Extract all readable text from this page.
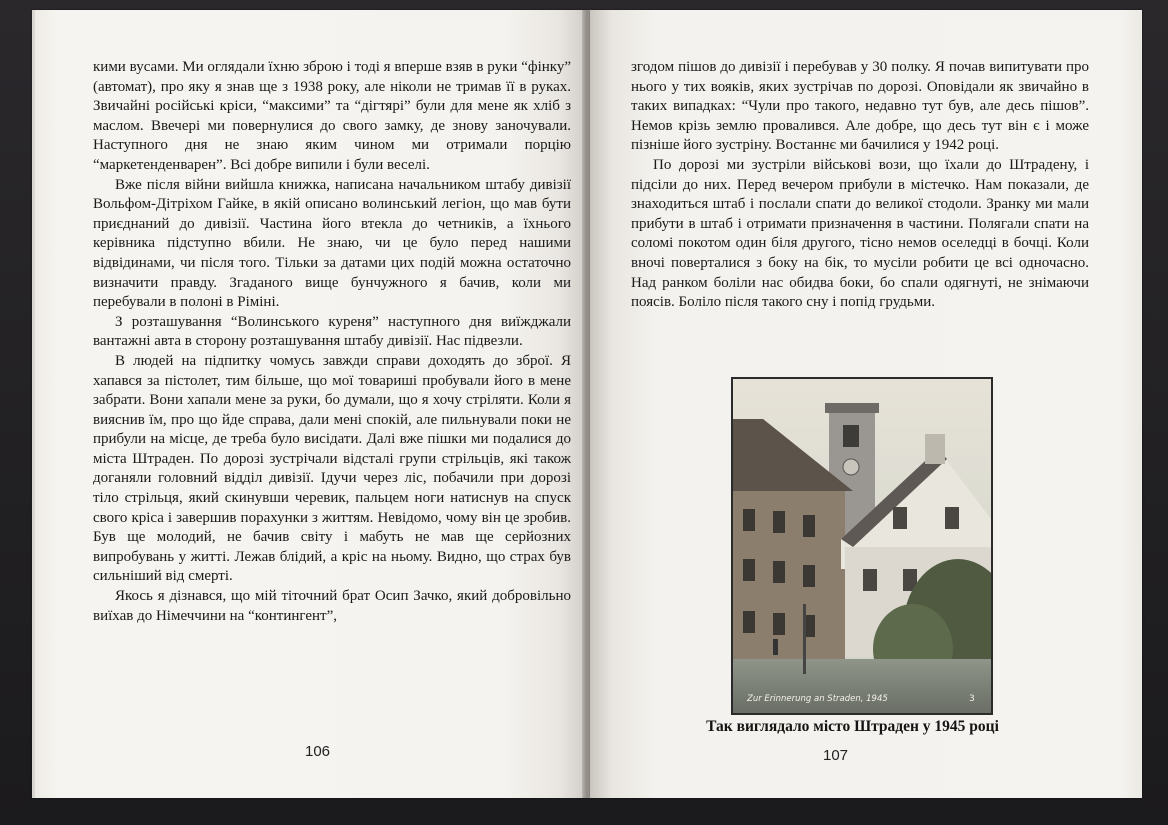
кими вусами. Ми оглядали їхню зброю і тоді я вперше взяв в руки “фінку” (автомат), про яку я знав ще з 1938 року, але ніколи не тримав її в руках. Звичайні російські кріси, “максими” та “дігтярі” були для мене як хліб з маслом. Ввечері ми повернулися до свого замку, де знову заночували. Наступного дня не знаю яким чином ми отримали порцію “маркетенденварен”. Всі добре випили і були веселі.

Вже після війни вийшла книжка, написана начальником штабу дивізії Вольфом-Дітріхом Гайке, в якій описано волинський легіон, що мав бути приєднаний до дивізії. Частина його втекла до четників, а їхнього керівника підступно вбили. Не знаю, чи це було перед нашими відвідинами, чи після того. Тільки за датами цих подій можна остаточно визначити правду. Згаданого вище бунчужного я бачив, коли ми перебували в полоні в Ріміні.

З розташування “Волинського куреня” наступного дня виїжджали вантажні авта в сторону розташування штабу дивізії. Нас підвезли.

В людей на підпитку чомусь завжди справи доходять до зброї. Я хапався за пістолет, тим більше, що мої товариші пробували його в мене забрати. Вони хапали мене за руки, бо думали, що я хочу стріляти. Коли я вияснив їм, про що йде справа, дали мені спокій, але пильнували поки не прибули на місце, де треба було висідати. Далі вже пішки ми подалися до міста Штраден. По дорозі зустрічали відсталі групи стрільців, які також доганяли головний відділ дивізії. Ідучи через ліс, побачили при дорозі тіло стрільця, який скинувши черевик, пальцем ноги натиснув на спуск свого кріса і завершив порахунки з життям. Невідомо, чому він це зробив. Був ще молодий, не бачив світу і мабуть не мав ще серйозних випробувань у житті. Лежав блідий, а кріс на ньому. Видно, що страх був сильніший від смерті.

Якось я дізнався, що мій тіточний брат Осип Зачко, який добровільно виїхав до Німеччини на “контингент”,

106

згодом пішов до дивізії і перебував у 30 полку. Я почав випитувати про нього у тих вояків, яких зустрічав по дорозі. Оповідали як звичайно в таких випадках: “Чули про такого, недавно тут був, але десь пішов”. Немов крізь землю провалився. Але добре, що десь тут він є і може пізніше його зустріну. Востаннє ми бачилися у 1942 році.

По дорозі ми зустріли військові вози, що їхали до Штрадену, і підсіли до них. Перед вечером прибули в містечко. Нам показали, де знаходиться штаб і послали спати до великої стодоли. Зранку ми мали прибути в штаб і отримати призначення в частини. Полягали спати на соломі покотом один біля другого, тісно немов оселедці в бочці. Коли вночі поверталися з боку на бік, то мусіли робити це всі одночасно. Над ранком боліли нас обидва боки, бо спали одягнуті, не знімаючи поясів. Боліло після такого сну і попід грудьми.

Zur Erinnerung an Straden, 1945	3
Так виглядало місто Штраден у 1945 році
107
